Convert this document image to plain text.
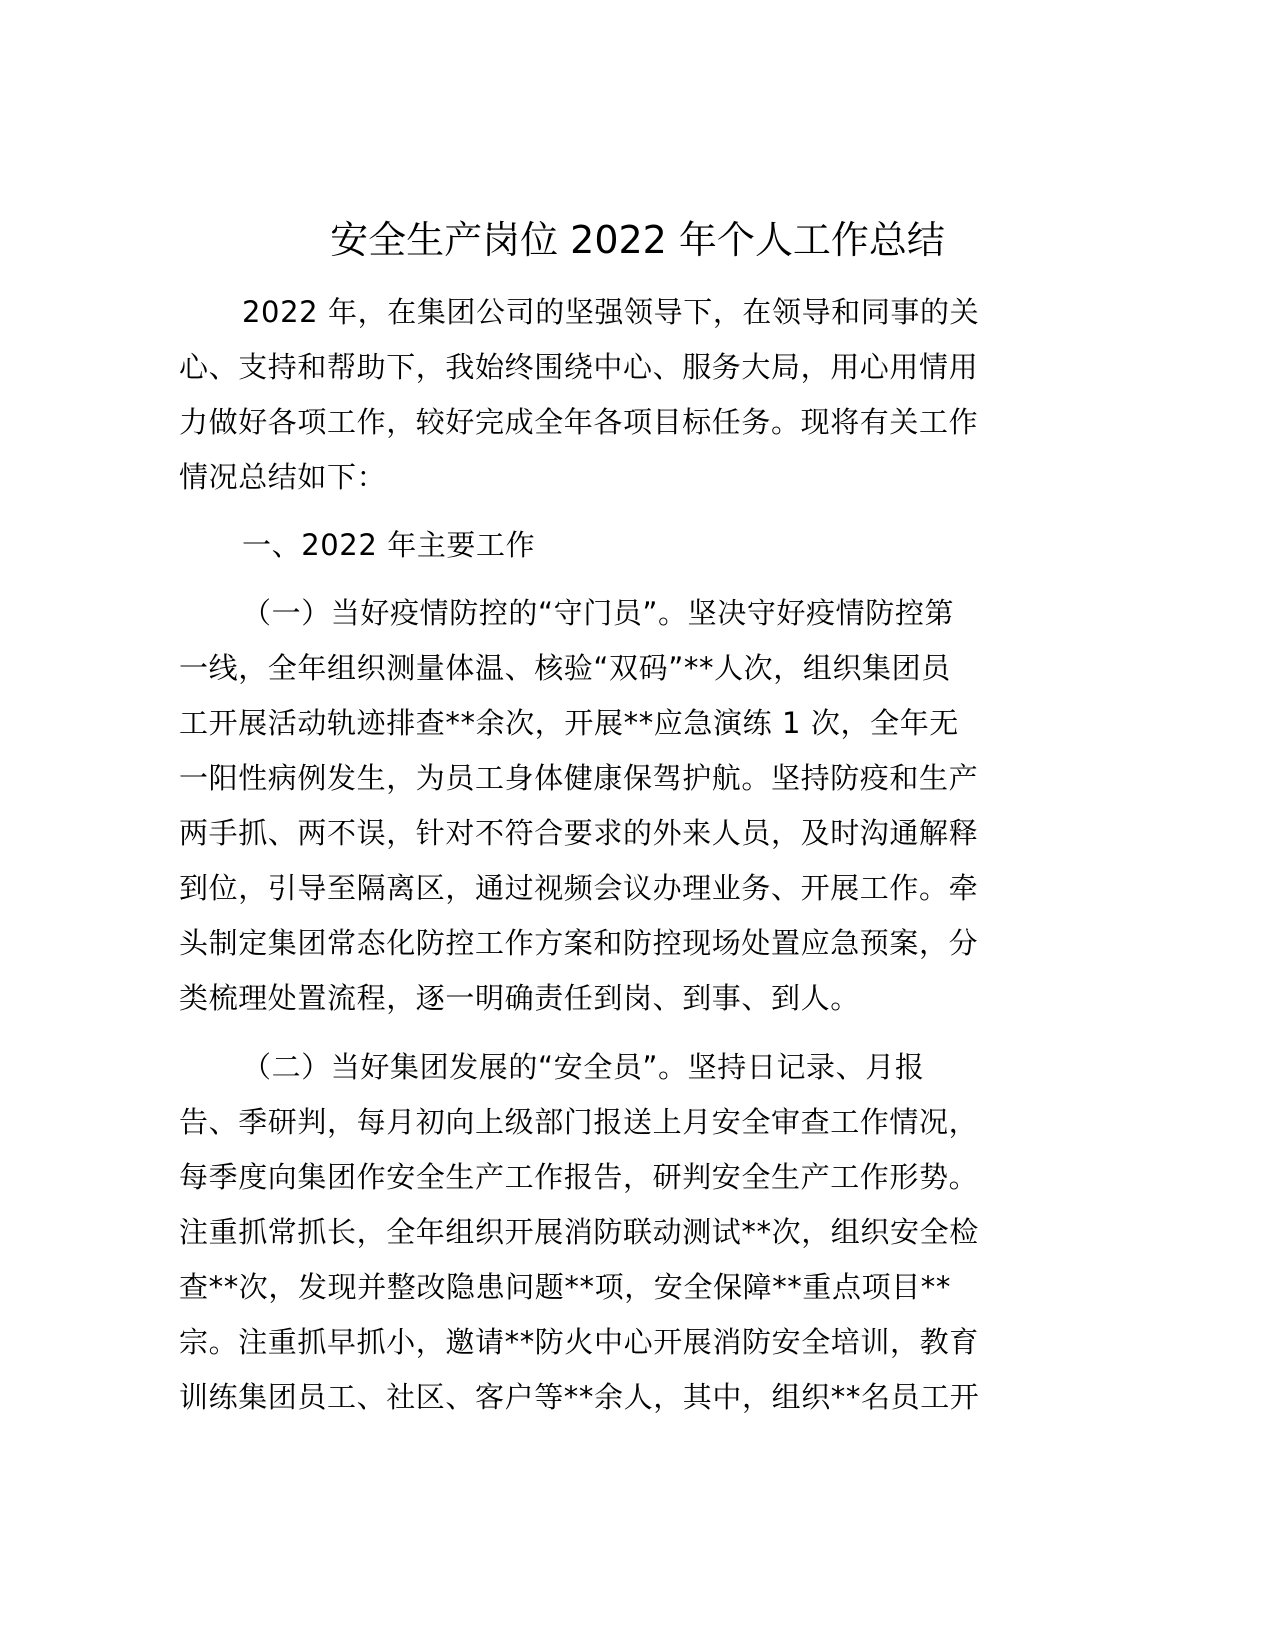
安全生产岗位 2022 年个人工作总结
2022 年，在集团公司的坚强领导下，在领导和同事的关
心、支持和帮助下，我始终围绕中心、服务大局，用心用情用
力做好各项工作，较好完成全年各项目标任务。现将有关工作
情况总结如下：
一、2022 年主要工作
（一）当好疫情防控的“守门员”。坚决守好疫情防控第
一线，全年组织测量体温、核验“双码”**人次，组织集团员
工开展活动轨迹排查**余次，开展**应急演练 1 次，全年无
一阳性病例发生，为员工身体健康保驾护航。坚持防疫和生产
两手抓、两不误，针对不符合要求的外来人员，及时沟通解释
到位，引导至隔离区，通过视频会议办理业务、开展工作。牵
头制定集团常态化防控工作方案和防控现场处置应急预案，分
类梳理处置流程，逐一明确责任到岗、到事、到人。
（二）当好集团发展的“安全员”。坚持日记录、月报
告、季研判，每月初向上级部门报送上月安全审查工作情况，
每季度向集团作安全生产工作报告，研判安全生产工作形势。
注重抓常抓长，全年组织开展消防联动测试**次，组织安全检
查**次，发现并整改隐患问题**项，安全保障**重点项目**
宗。注重抓早抓小，邀请**防火中心开展消防安全培训，教育
训练集团员工、社区、客户等**余人，其中，组织**名员工开
